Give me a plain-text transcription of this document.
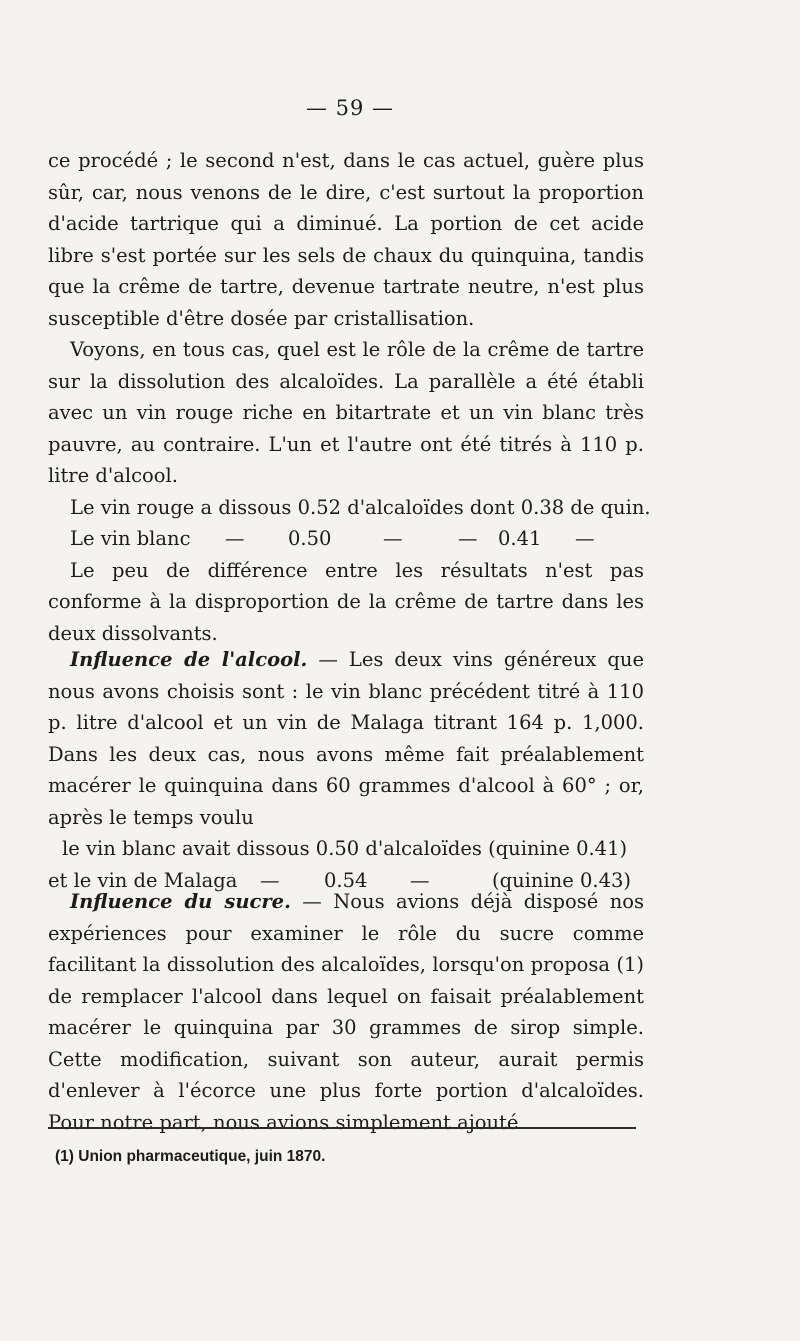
— 59 —

ce procédé ; le second n'est, dans le cas actuel, guère plus sûr, car, nous venons de le dire, c'est surtout la proportion d'acide tartrique qui a diminué. La portion de cet acide libre s'est portée sur les sels de chaux du quinquina, tandis que la crême de tartre, devenue tartrate neutre, n'est plus susceptible d'être dosée par cristallisation.

Voyons, en tous cas, quel est le rôle de la crême de tartre sur la dissolution des alcaloïdes. La parallèle a été établi avec un vin rouge riche en bitartrate et un vin blanc très pauvre, au contraire. L'un et l'autre ont été titrés à 110 p. litre d'alcool.

Le vin rouge a dissous 0.52 d'alcaloïdes dont 0.38 de quin.
Le vin blanc — 0.50	—	— 0.41 —

Le peu de différence entre les résultats n'est pas conforme à la disproportion de la crême de tartre dans les deux dissolvants.

Influence de l'alcool. — Les deux vins généreux que nous avons choisis sont : le vin blanc précédent titré à 110 p. litre d'alcool et un vin de Malaga titrant 164 p. 1,000. Dans les deux cas, nous avons même fait préalablement macérer le quinquina dans 60 grammes d'alcool à 60° ; or, après le temps voulu

le vin blanc avait dissous 0.50 d'alcaloïdes (quinine 0.41)
et le vin de Malaga — 0.54 —	(quinine 0.43)

Influence du sucre. — Nous avions déjà disposé nos expériences pour examiner le rôle du sucre comme facilitant la dissolution des alcaloïdes, lorsqu'on proposa (1) de remplacer l'alcool dans lequel on faisait préalablement macérer le quinquina par 30 grammes de sirop simple. Cette modification, suivant son auteur, aurait permis d'enlever à l'écorce une plus forte portion d'alcaloïdes. Pour notre part, nous avions simplement ajouté

(1) Union pharmaceutique, juin 1870.
